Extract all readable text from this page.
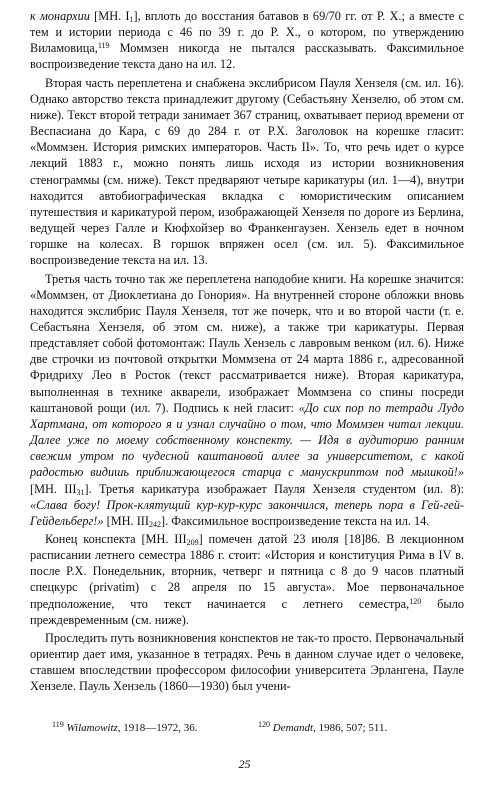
к монархии [МН. $I_1$], вплоть до восстания батавов в 69/70 гг. от Р. Х.; а вместе с тем и истории периода с 46 по 39 г. до Р. Х., о котором, по утверждению Виламовица,$^{119}$ Моммзен никогда не пытался рассказывать. Факсимильное воспроизведение текста дано на ил. 12.

Вторая часть переплетена и снабжена экслибрисом Пауля Хензеля (см. ил. 16). Однако авторство текста принадлежит другому (Себастьяну Хензелю, об этом см. ниже). Текст второй тетради занимает 367 страниц, охватывает период времени от Веспасиана до Кара, с 69 до 284 г. от Р.Х. Заголовок на корешке гласит: «Моммзен. История римских императоров. Часть II». То, что речь идет о курсе лекций 1883 г., можно понять лишь исходя из истории возникновения стенограммы (см. ниже). Текст предваряют четыре карикатуры (ил. 1—4), внутри находится автобиографическая вкладка с юмористическим описанием путешествия и карикатурой пером, изображающей Хензеля по дороге из Берлина, ведущей через Галле и Кюфхойзер во Франкенгаузен. Хензель едет в ночном горшке на колесах. В горшок впряжен осел (см. ил. 5). Факсимильное воспроизведение текста на ил. 13.

Третья часть точно так же переплетена наподобие книги. На корешке значится: «Моммзен, от Диоклетиана до Гонория». На внутренней стороне обложки вновь находится экслибрис Пауля Хензеля, тот же почерк, что и во второй части (т. е. Себастьяна Хензеля, об этом см. ниже), а также три карикатуры. Первая представляет собой фотомонтаж: Пауль Хензель с лавровым венком (ил. 6). Ниже две строчки из почтовой открытки Моммзена от 24 марта 1886 г., адресованной Фридриху Лео в Росток (текст рассматривается ниже). Вторая карикатура, выполненная в технике акварели, изображает Моммзена со спины посреди каштановой рощи (ил. 7). Подпись к ней гласит: «До сих пор по тетради Лудо Хартмана, от которого я и узнал случайно о том, что Моммзен читал лекции. Далее уже по моему собственному конспекту. — Идя в аудиторию ранним свежим утром по чудесной каштановой аллее за университетом, с какой радостью видишь приближающегося старца с манускриптом под мышкой!» [МН. $III_{31}$]. Третья карикатура изображает Пауля Хензеля студентом (ил. 8): «Слава богу! Прок-клятущий кур-кур-курс закончился, теперь пора в Гей-гей-Гейдельберг!» [МН. $III_{242}$]. Факсимильное воспроизведение текста на ил. 14.

Конец конспекта [МН. $III_{209}$] помечен датой 23 июля [18]86. В лекционном расписании летнего семестра 1886 г. стоит: «История и конституция Рима в IV в. после Р.Х. Понедельник, вторник, четверг и пятница с 8 до 9 часов платный спецкурс (privatim) с 28 апреля по 15 августа». Мое первоначальное предположение, что текст начинается с летнего семестра,$^{120}$ было преждевременным (см. ниже).

Проследить путь возникновения конспектов не так-то просто. Первоначальный ориентир дает имя, указанное в тетрадях. Речь в данном случае идет о человеке, ставшем впоследствии профессором философии университета Эрлангена, Пауле Хензеле. Пауль Хензель (1860—1930) был учени-

$^{119}$ Wilamowitz, 1918—1972, 36.	$^{120}$ Demandt, 1986, 507; 511.
25
